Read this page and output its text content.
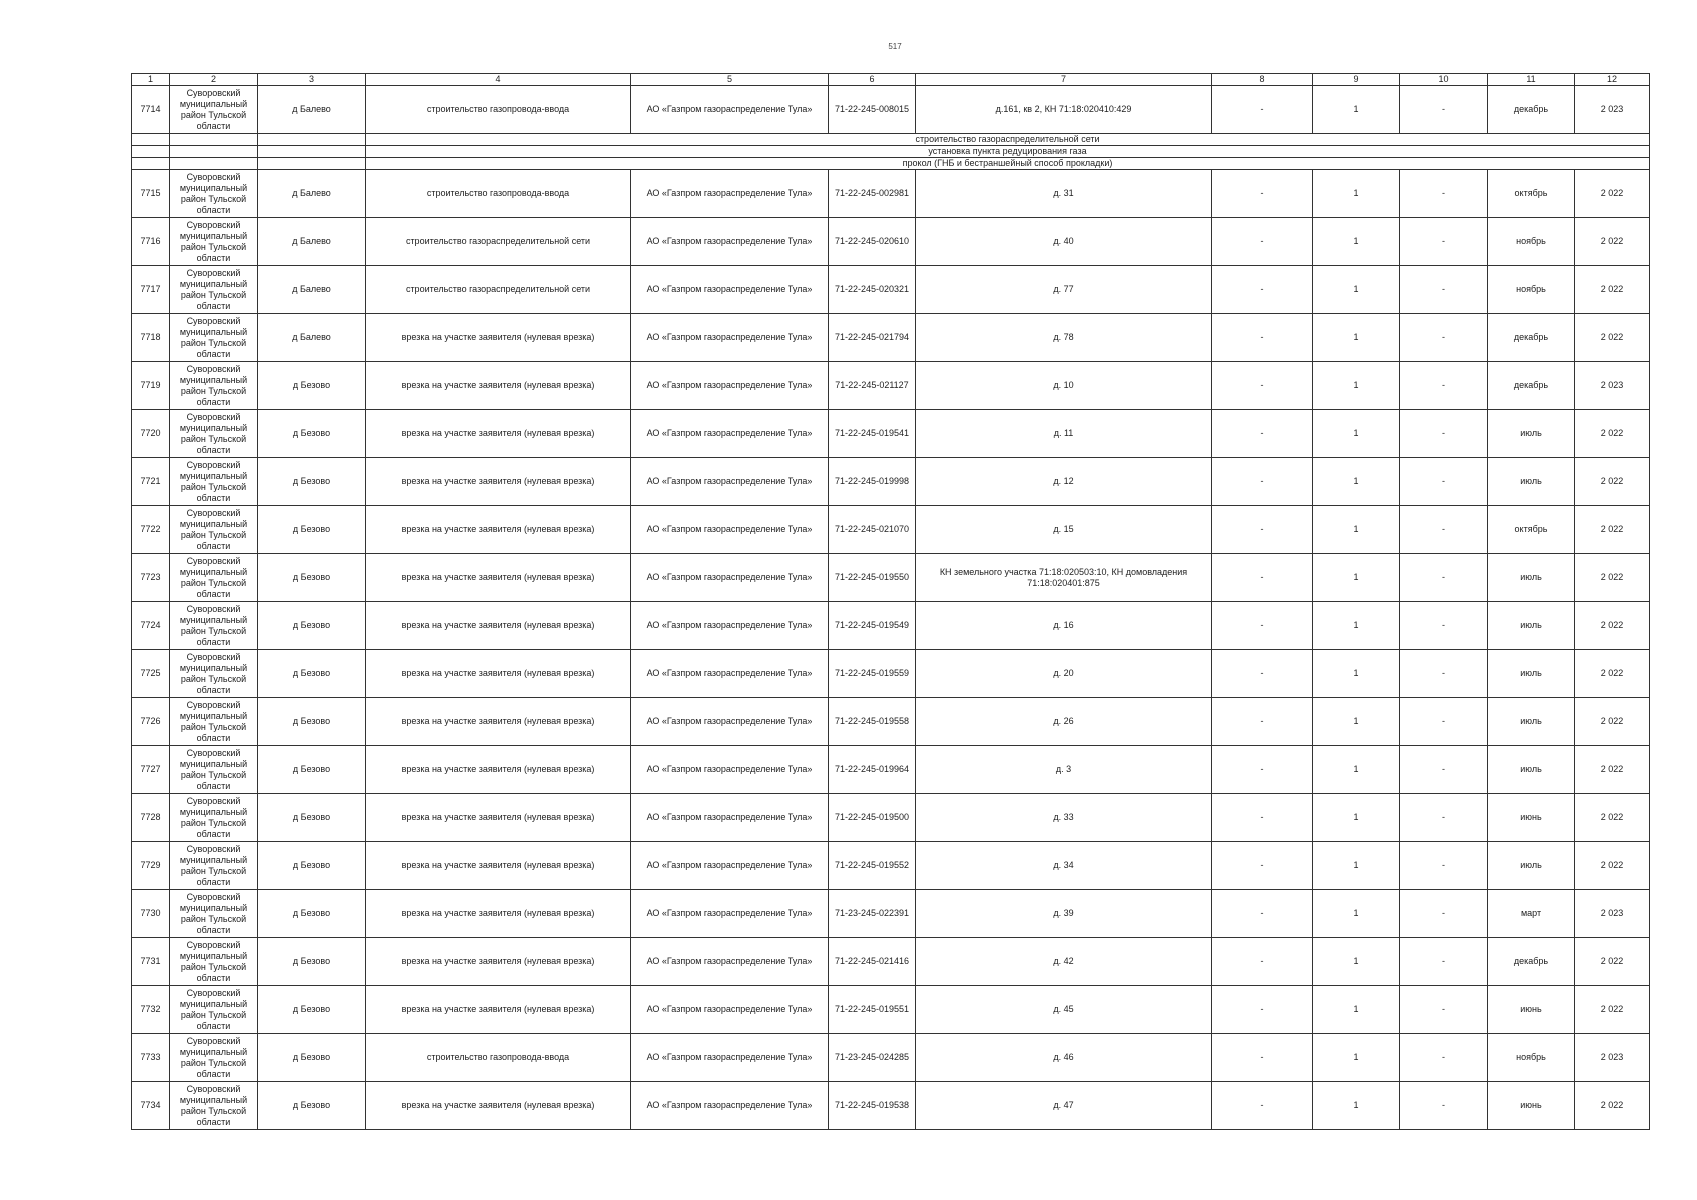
517
1	2	3	4	5	6	7	8	9	10	11	12
7714	Суворовский муниципальный район Тульской области	д Балево	строительство газопровода-ввода	АО «Газпром газораспределение Тула»	71-22-245-008015	д.161, кв 2, КН 71:18:020410:429	-	1	-	декабрь	2 023
			строительство газораспределительной сети								
			установка пункта редуцирования газа								
			прокол (ГНБ и бестраншейный способ прокладки)								
7715	Суворовский муниципальный район Тульской области	д Балево	строительство газопровода-ввода	АО «Газпром газораспределение Тула»	71-22-245-002981	д. 31	-	1	-	октябрь	2 022
7716	Суворовский муниципальный район Тульской области	д Балево	строительство газораспределительной сети	АО «Газпром газораспределение Тула»	71-22-245-020610	д. 40	-	1	-	ноябрь	2 022
7717	Суворовский муниципальный район Тульской области	д Балево	строительство газораспределительной сети	АО «Газпром газораспределение Тула»	71-22-245-020321	д. 77	-	1	-	ноябрь	2 022
7718	Суворовский муниципальный район Тульской области	д Балево	врезка на участке заявителя (нулевая врезка)	АО «Газпром газораспределение Тула»	71-22-245-021794	д. 78	-	1	-	декабрь	2 022
7719	Суворовский муниципальный район Тульской области	д Безово	врезка на участке заявителя (нулевая врезка)	АО «Газпром газораспределение Тула»	71-22-245-021127	д. 10	-	1	-	декабрь	2 023
7720	Суворовский муниципальный район Тульской области	д Безово	врезка на участке заявителя (нулевая врезка)	АО «Газпром газораспределение Тула»	71-22-245-019541	д. 11	-	1	-	июль	2 022
7721	Суворовский муниципальный район Тульской области	д Безово	врезка на участке заявителя (нулевая врезка)	АО «Газпром газораспределение Тула»	71-22-245-019998	д. 12	-	1	-	июль	2 022
7722	Суворовский муниципальный район Тульской области	д Безово	врезка на участке заявителя (нулевая врезка)	АО «Газпром газораспределение Тула»	71-22-245-021070	д. 15	-	1	-	октябрь	2 022
7723	Суворовский муниципальный район Тульской области	д Безово	врезка на участке заявителя (нулевая врезка)	АО «Газпром газораспределение Тула»	71-22-245-019550	КН земельного участка 71:18:020503:10, КН домовладения 71:18:020401:875	-	1	-	июль	2 022
7724	Суворовский муниципальный район Тульской области	д Безово	врезка на участке заявителя (нулевая врезка)	АО «Газпром газораспределение Тула»	71-22-245-019549	д. 16	-	1	-	июль	2 022
7725	Суворовский муниципальный район Тульской области	д Безово	врезка на участке заявителя (нулевая врезка)	АО «Газпром газораспределение Тула»	71-22-245-019559	д. 20	-	1	-	июль	2 022
7726	Суворовский муниципальный район Тульской области	д Безово	врезка на участке заявителя (нулевая врезка)	АО «Газпром газораспределение Тула»	71-22-245-019558	д. 26	-	1	-	июль	2 022
7727	Суворовский муниципальный район Тульской области	д Безово	врезка на участке заявителя (нулевая врезка)	АО «Газпром газораспределение Тула»	71-22-245-019964	д. 3	-	1	-	июль	2 022
7728	Суворовский муниципальный район Тульской области	д Безово	врезка на участке заявителя (нулевая врезка)	АО «Газпром газораспределение Тула»	71-22-245-019500	д. 33	-	1	-	июнь	2 022
7729	Суворовский муниципальный район Тульской области	д Безово	врезка на участке заявителя (нулевая врезка)	АО «Газпром газораспределение Тула»	71-22-245-019552	д. 34	-	1	-	июль	2 022
7730	Суворовский муниципальный район Тульской области	д Безово	врезка на участке заявителя (нулевая врезка)	АО «Газпром газораспределение Тула»	71-23-245-022391	д. 39	-	1	-	март	2 023
7731	Суворовский муниципальный район Тульской области	д Безово	врезка на участке заявителя (нулевая врезка)	АО «Газпром газораспределение Тула»	71-22-245-021416	д. 42	-	1	-	декабрь	2 022
7732	Суворовский муниципальный район Тульской области	д Безово	врезка на участке заявителя (нулевая врезка)	АО «Газпром газораспределение Тула»	71-22-245-019551	д. 45	-	1	-	июнь	2 022
7733	Суворовский муниципальный район Тульской области	д Безово	строительство газопровода-ввода	АО «Газпром газораспределение Тула»	71-23-245-024285	д. 46	-	1	-	ноябрь	2 023
7734	Суворовский муниципальный район Тульской области	д Безово	врезка на участке заявителя (нулевая врезка)	АО «Газпром газораспределение Тула»	71-22-245-019538	д. 47	-	1	-	июнь	2 022
